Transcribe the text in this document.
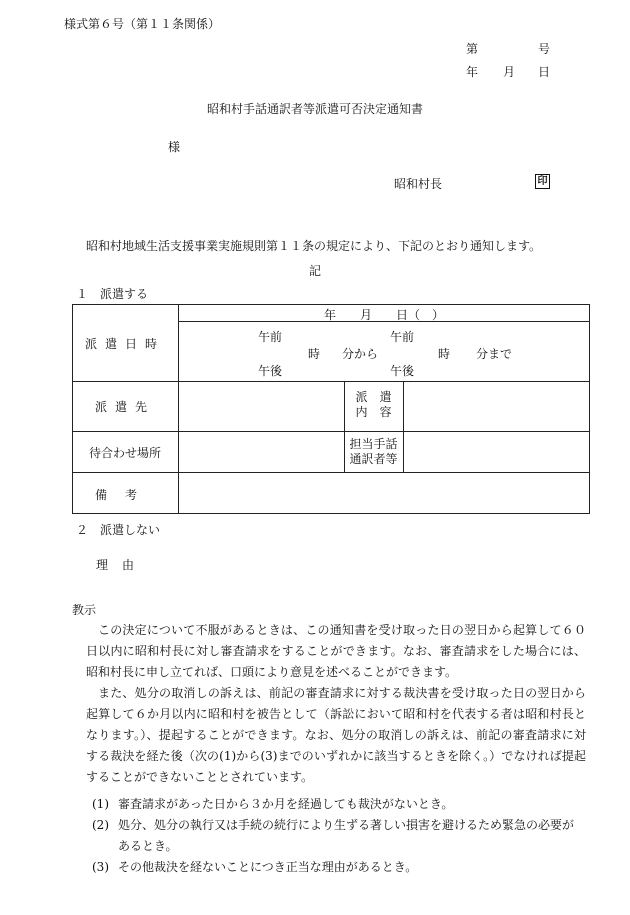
様式第６号（第１１条関係）
第	号
年 月 日
昭和村手話通訳者等派遣可否決定通知書
様
昭和村長	印
昭和村地域生活支援事業実施規則第１１条の規定により、下記のとおり通知します。
記
１　派遣する
派遣日時
年　　月　　日（　）
午前
午後
時 分から
午前
午後
時 分まで
派遣先
派　遣
内　容
待合わせ場所
担当手話
通訳者等
備考
２　派遣しない
理由
教示
この決定について不服があるときは、この通知書を受け取った日の翌日から起算して６０日以内に昭和村長に対し審査請求をすることができます。なお、審査請求をした場合には、昭和村長に申し立てれば、口頭により意見を述べることができます。
また、処分の取消しの訴えは、前記の審査請求に対する裁決書を受け取った日の翌日から起算して６か月以内に昭和村を被告として（訴訟において昭和村を代表する者は昭和村長となります。）、提起することができます。なお、処分の取消しの訴えは、前記の審査請求に対する裁決を経た後（次の(1)から(3)までのいずれかに該当するときを除く。）でなければ提起することができないこととされています。
(1) 審査請求があった日から３か月を経過しても裁決がないとき。
(2) 処分、処分の執行又は手続の続行により生ずる著しい損害を避けるため緊急の必要があるとき。
(3) その他裁決を経ないことにつき正当な理由があるとき。
